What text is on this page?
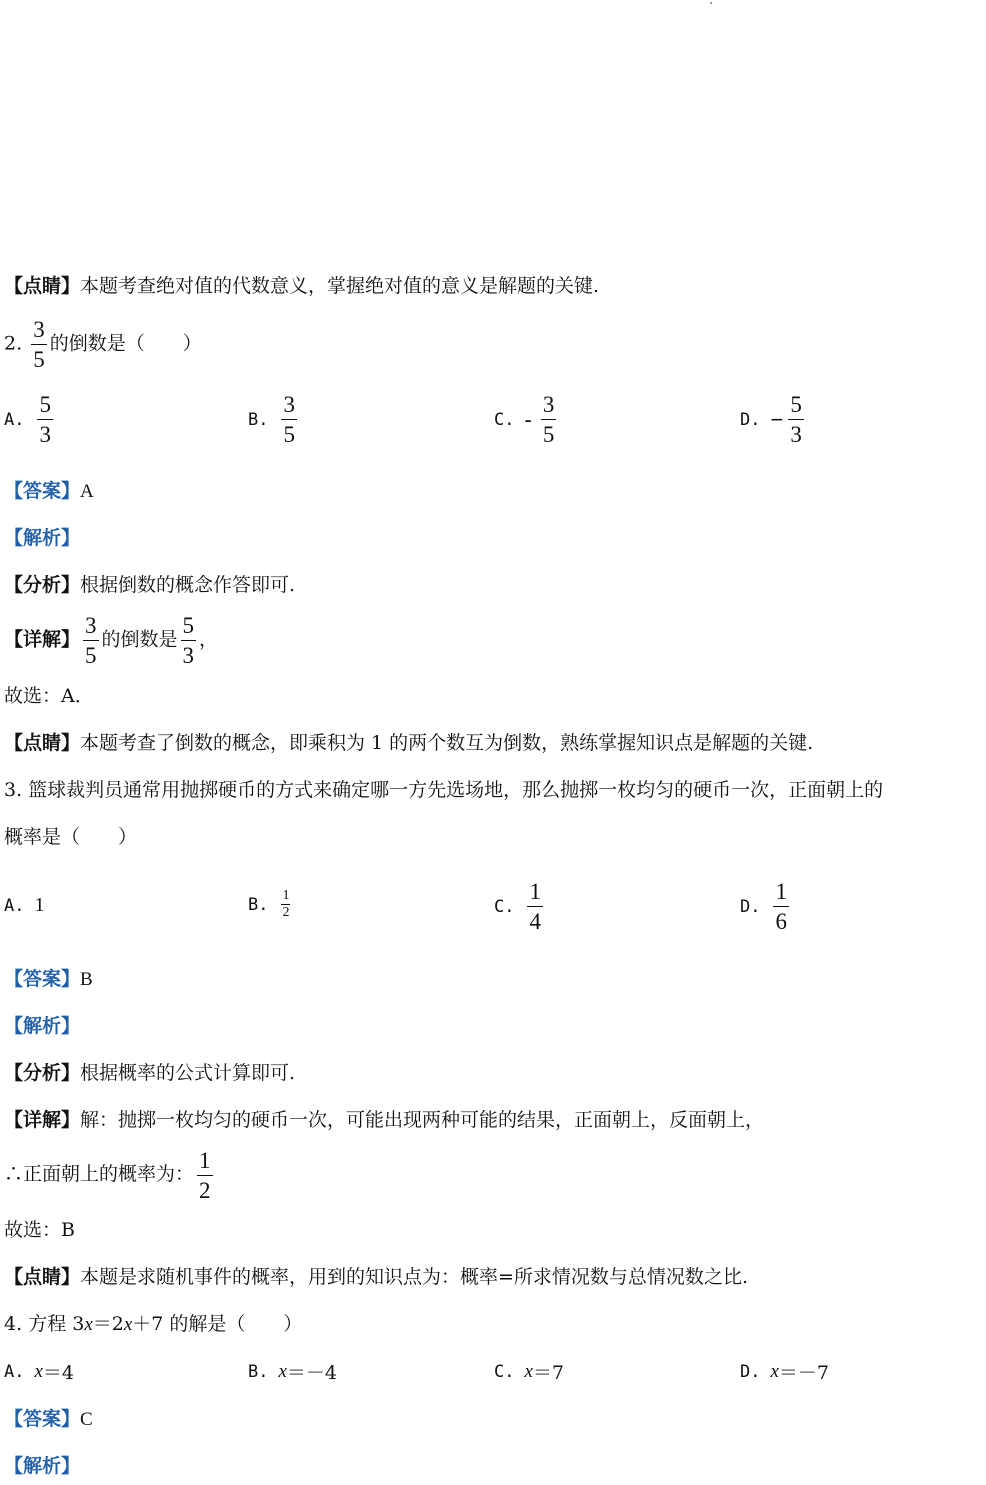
【点睛】本题考查绝对值的代数意义，掌握绝对值的意义是解题的关键.
2. $\frac{3}{5}$ 的倒数是（　　）
A. $\frac{5}{3}$	B. $\frac{3}{5}$	C. - $\frac{3}{5}$	D. − $\frac{5}{3}$
【答案】A
【解析】
【分析】根据倒数的概念作答即可.
【详解】 $\frac{3}{5}$ 的倒数是 $\frac{5}{3}$ ，
故选：A．
【点睛】本题考查了倒数的概念，即乘积为 1 的两个数互为倒数，熟练掌握知识点是解题的关键.
3. 篮球裁判员通常用抛掷硬币的方式来确定哪一方先选场地，那么抛掷一枚均匀的硬币一次，正面朝上的
概率是（　　）
A. 1	B. $\frac{1}{2}$	C. $\frac{1}{4}$	D. $\frac{1}{6}$
【答案】B
【解析】
【分析】根据概率的公式计算即可.
【详解】解：抛掷一枚均匀的硬币一次，可能出现两种可能的结果，正面朝上，反面朝上，
∴正面朝上的概率为： $\frac{1}{2}$
故选：B
【点睛】本题是求随机事件的概率，用到的知识点为：概率=所求情况数与总情况数之比.
4. 方程 3x＝2x＋7 的解是（　　）
A. x ＝4	B. x ＝－4	C. x ＝7	D. x ＝－7
【答案】C
【解析】
